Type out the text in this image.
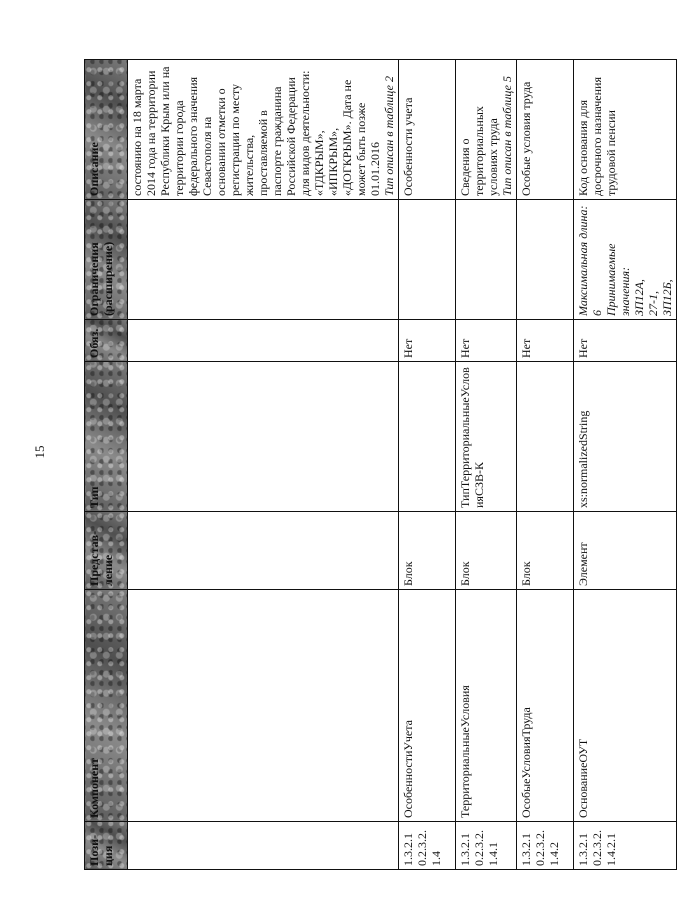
15
Пози-ция	Компонент	Представ-ление	Тип	Обяз.	Ограничения (расширение)	Описание

						состоянию на 18 марта 2014 года на территории Республики Крым или на территории города федерального значения Севастополя на основании отметки о регистрации по месту жительства, проставляемой в паспорте гражданина Российской Федерации для видов деятельности: «ТДКРЫМ», «ИПКРЫМ», «ДОГКРЫМ». Дата не может быть позже 01.01.2016 Тип описан в таблице 2

1.3.2.1 0.2.3.2. 1.4	ОсобенностиУчета	Блок		Нет		Особенности учета

1.3.2.1 0.2.3.2. 1.4.1	ТерриториальныеУсловия	Блок	ТипТерриториальныеУсловияСЗВ-К	Нет		Сведения о территориальных условиях труда Тип описан в таблице 5

1.3.2.1 0.2.3.2. 1.4.2	ОсобыеУсловияТруда	Блок		Нет		Особые условия труда

1.3.2.1 0.2.3.2. 1.4.2.1	ОснованиеОУТ	Элемент	xs:normalizedString	Нет	Максимальная длина: 6 Принимаемые значения: ЗП12А, 27-1, ЗП12Б,	Код основания для досрочного назначения трудовой пенсии
